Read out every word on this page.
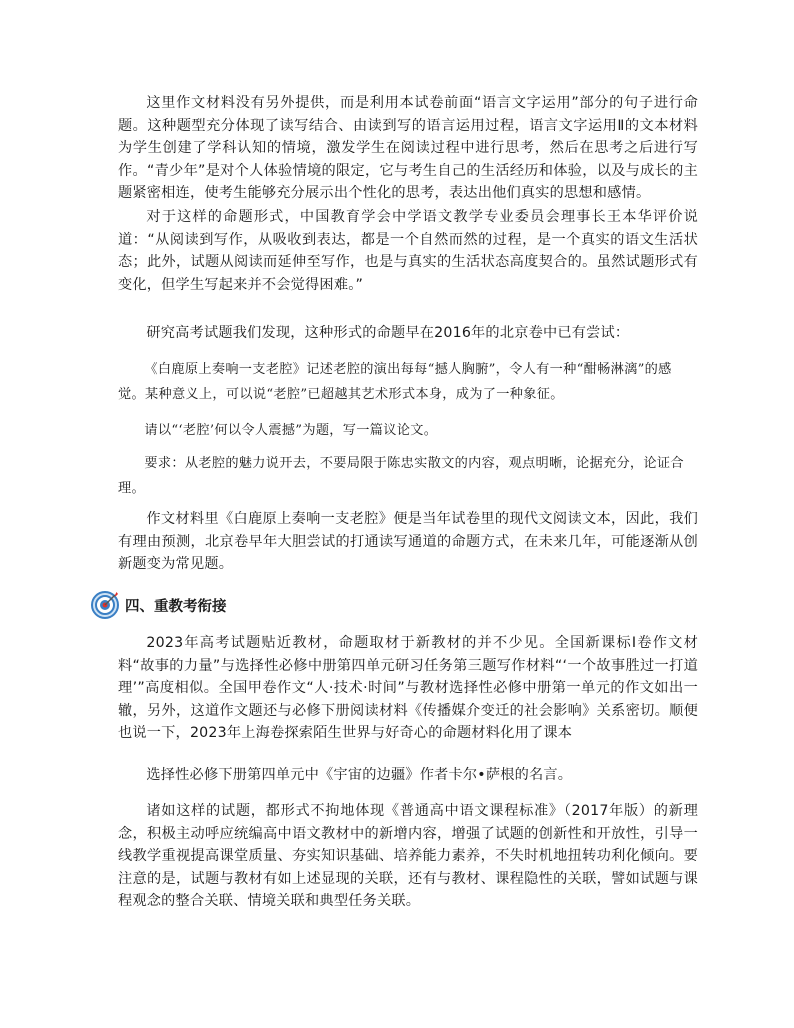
这里作文材料没有另外提供，而是利用本试卷前面“语言文字运用”部分的句子进行命题。这种题型充分体现了读写结合、由读到写的语言运用过程，语言文字运用Ⅱ的文本材料为学生创建了学科认知的情境，激发学生在阅读过程中进行思考，然后在思考之后进行写作。“青少年”是对个人体验情境的限定，它与考生自己的生活经历和体验，以及与成长的主题紧密相连，使考生能够充分展示出个性化的思考，表达出他们真实的思想和感情。

对于这样的命题形式，中国教育学会中学语文教学专业委员会理事长王本华评价说道：“从阅读到写作，从吸收到表达，都是一个自然而然的过程，是一个真实的语文生活状态；此外，试题从阅读而延伸至写作，也是与真实的生活状态高度契合的。虽然试题形式有变化，但学生写起来并不会觉得困难。”

研究高考试题我们发现，这种形式的命题早在2016年的北京卷中已有尝试：

《白鹿原上奏响一支老腔》记述老腔的演出每每“撼人胸腑”，令人有一种“酣畅淋漓”的感觉。某种意义上，可以说“老腔”已超越其艺术形式本身，成为了一种象征。

请以“‘老腔’何以令人震撼”为题，写一篇议论文。

要求：从老腔的魅力说开去，不要局限于陈忠实散文的内容，观点明晰，论据充分，论证合理。

作文材料里《白鹿原上奏响一支老腔》便是当年试卷里的现代文阅读文本，因此，我们有理由预测，北京卷早年大胆尝试的打通读写通道的命题方式，在未来几年，可能逐渐从创新题变为常见题。

四、重教考衔接

2023年高考试题贴近教材，命题取材于新教材的并不少见。全国新课标Ⅰ卷作文材料“故事的力量”与选择性必修中册第四单元研习任务第三题写作材料“‘一个故事胜过一打道理’”高度相似。全国甲卷作文“人·技术·时间”与教材选择性必修中册第一单元的作文如出一辙，另外，这道作文题还与必修下册阅读材料《传播媒介变迁的社会影响》关系密切。顺便也说一下，2023年上海卷探索陌生世界与好奇心的命题材料化用了课本

选择性必修下册第四单元中《宇宙的边疆》作者卡尔•萨根的名言。

诸如这样的试题，都形式不拘地体现《普通高中语文课程标准》（2017年版）的新理念，积极主动呼应统编高中语文教材中的新增内容，增强了试题的创新性和开放性，引导一线教学重视提高课堂质量、夯实知识基础、培养能力素养，不失时机地扭转功利化倾向。要注意的是，试题与教材有如上述显现的关联，还有与教材、课程隐性的关联，譬如试题与课程观念的整合关联、情境关联和典型任务关联。
